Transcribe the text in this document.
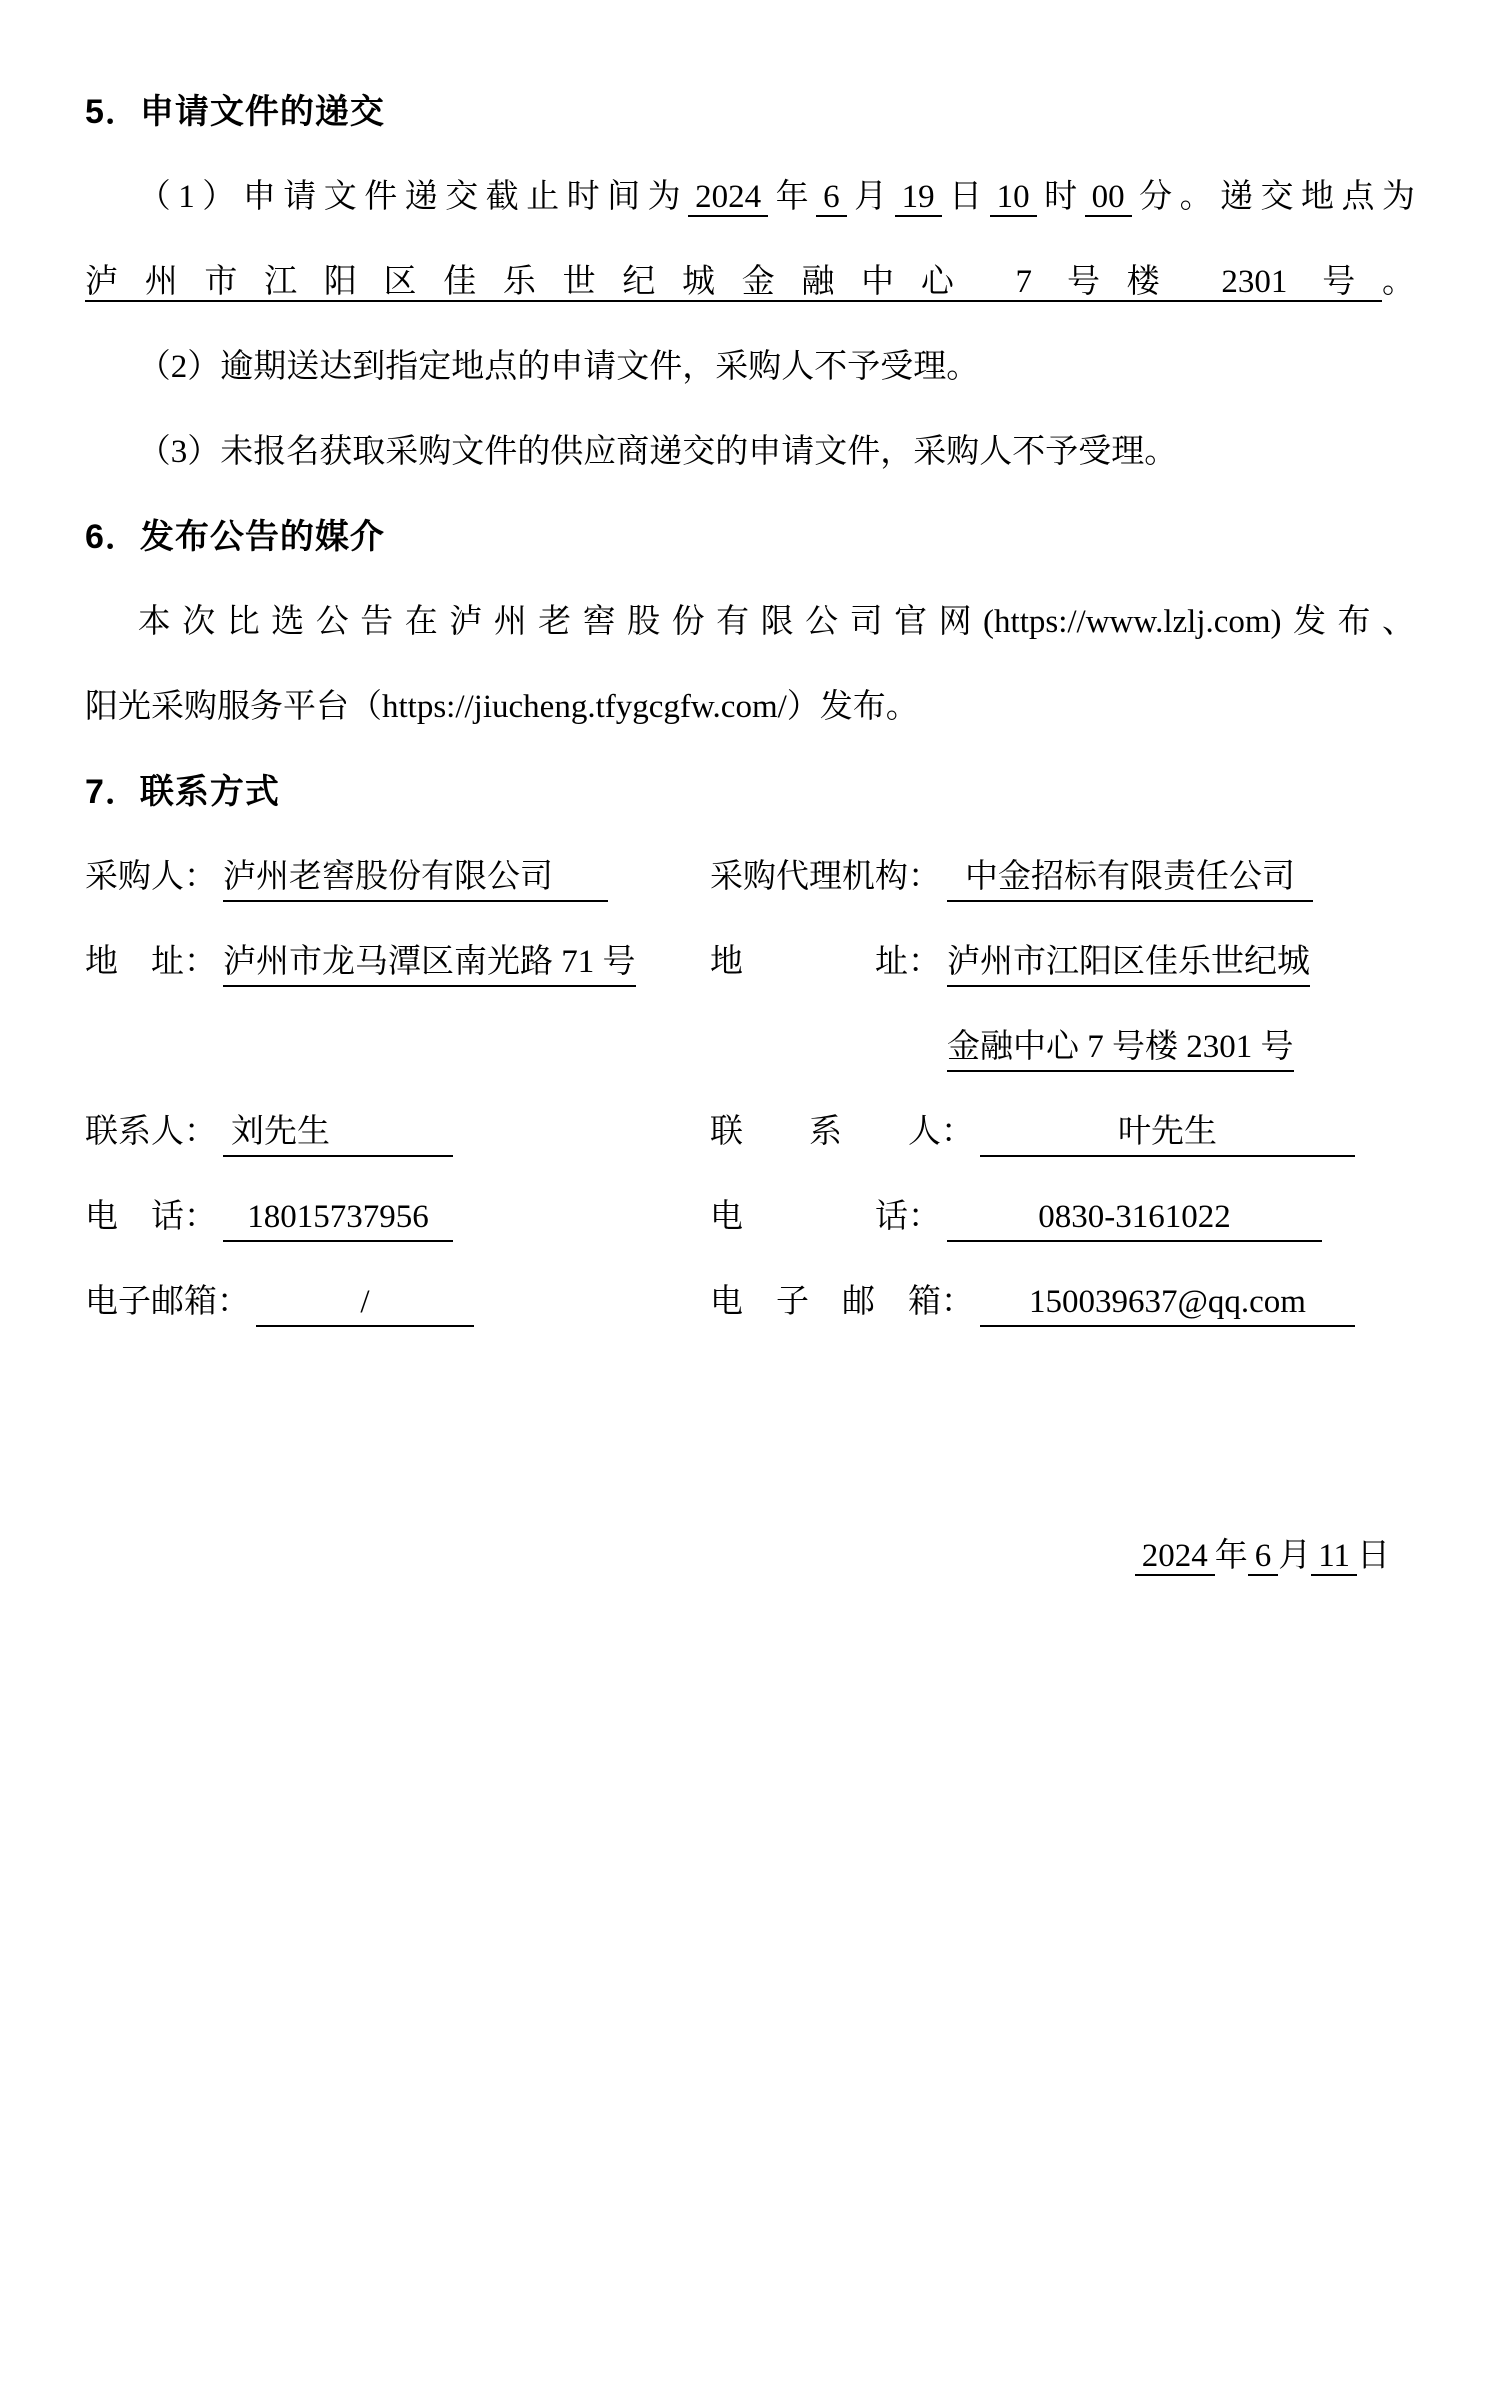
5．申请文件的递交
（1）申请文件递交截止时间为 2024 年 6 月 19 日 10 时 00 分。递交地点为
泸州市江阳区佳乐世纪城金融中心 7 号楼 2301 号。
（2）逾期送达到指定地点的申请文件，采购人不予受理。
（3）未报名获取采购文件的供应商递交的申请文件，采购人不予受理。
6．发布公告的媒介
本次比选公告在泸州老窖股份有限公司官网(https://www.lzlj.com)发布、
阳光采购服务平台（https://jiucheng.tfygcgfw.com/）发布。
7．联系方式
采购人： 泸州老窖股份有限公司	采购代理机构： 中金招标有限责任公司
地　址： 泸州市龙马潭区南光路 71 号	地　　　　址： 泸州市江阳区佳乐世纪城
金融中心 7 号楼 2301 号
联系人： 刘先生	联　　系　　人：	叶先生
电　话： 18015737956	电　　　　话：	0830-3161022
电子邮箱：	/	电　子　邮　箱： 150039637@qq.com
2024 年 6 月 11 日
